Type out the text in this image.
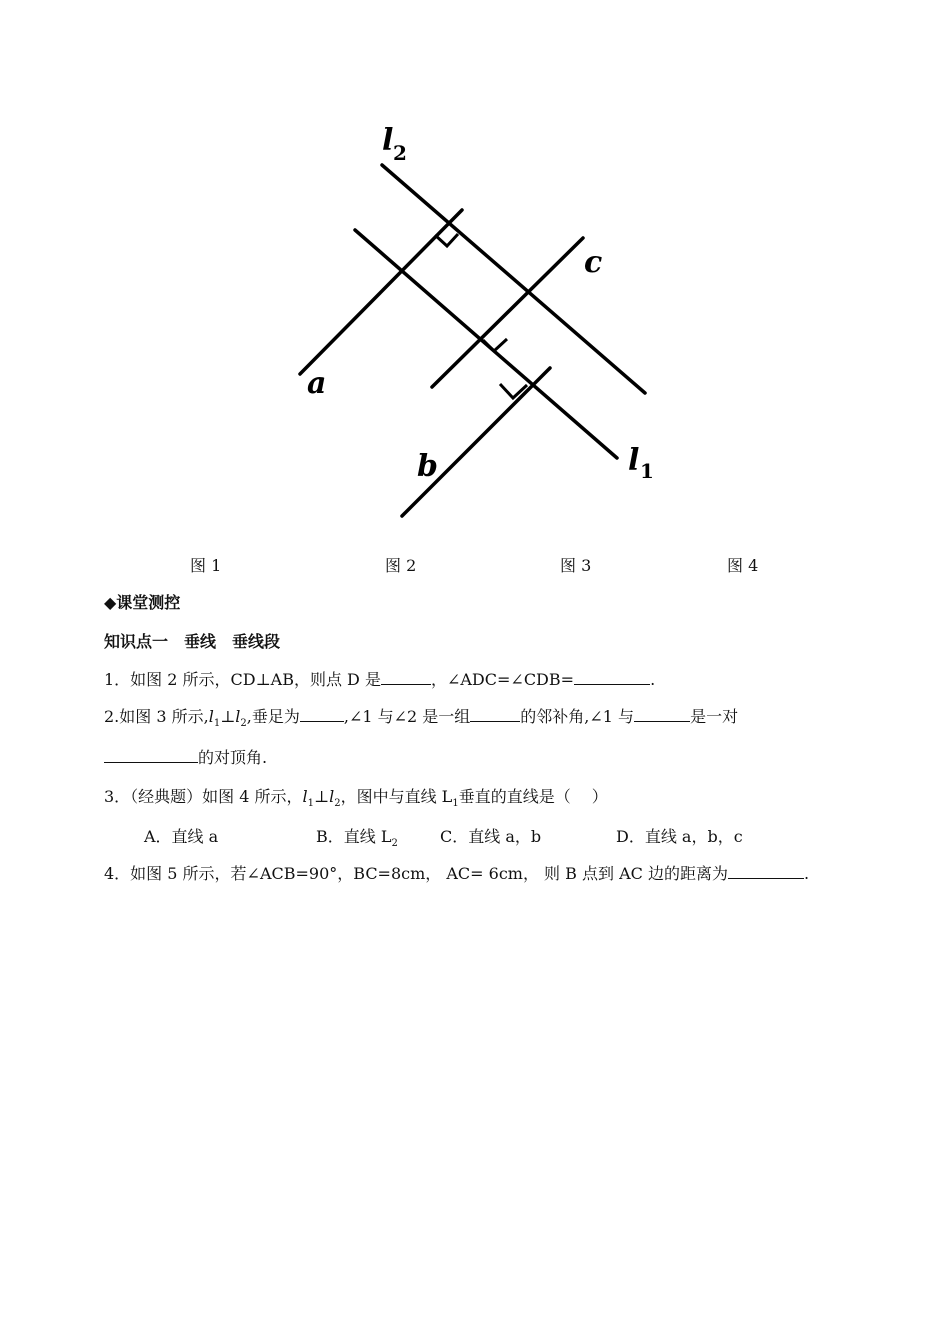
l 2
c
a
b	l 1
图 1	图 2	图 3	图 4
◆课堂测控
知识点一　垂线　垂线段
1．如图 2 所示，CD⊥AB，则点 D 是	，∠ADC=∠CDB=	.
2.如图 3 所示$,l_1\perp l_2$,垂足为	,∠1 与∠2 是一组	的邻补角,∠1 与	是一对
的对顶角.
3．（经典题）如图 4 所示，$l_1\perp l_2$，图中与直线 $L_1$垂直的直线是（　 ）
A．直线 a	B．直线 $L_2$	C．直线 a，b	D．直线 a，b，c
4．如图 5 所示，若∠ACB=90°，BC=8cm， AC= 6cm， 则 B 点到 AC 边的距离为	.
